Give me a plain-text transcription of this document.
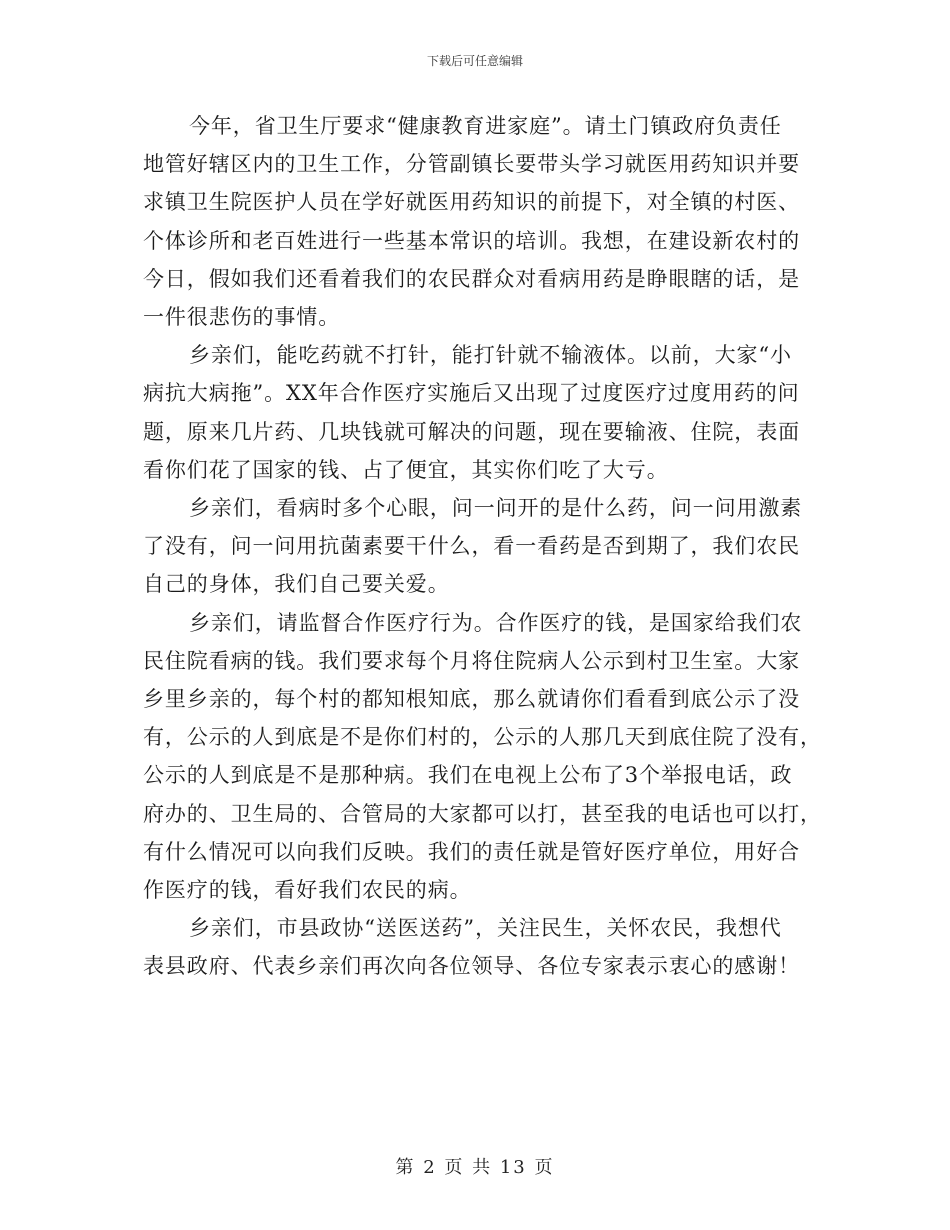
下载后可任意编辑
今年，省卫生厅要求“健康教育进家庭”。请土门镇政府负责任
地管好辖区内的卫生工作，分管副镇长要带头学习就医用药知识并要
求镇卫生院医护人员在学好就医用药知识的前提下，对全镇的村医、
个体诊所和老百姓进行一些基本常识的培训。我想，在建设新农村的
今日，假如我们还看着我们的农民群众对看病用药是睁眼瞎的话，是
一件很悲伤的事情。
乡亲们，能吃药就不打针，能打针就不输液体。以前，大家“小
病抗大病拖”。XX年合作医疗实施后又出现了过度医疗过度用药的问
题，原来几片药、几块钱就可解决的问题，现在要输液、住院，表面
看你们花了国家的钱、占了便宜，其实你们吃了大亏。
乡亲们，看病时多个心眼，问一问开的是什么药，问一问用激素
了没有，问一问用抗菌素要干什么，看一看药是否到期了，我们农民
自己的身体，我们自己要关爱。
乡亲们，请监督合作医疗行为。合作医疗的钱，是国家给我们农
民住院看病的钱。我们要求每个月将住院病人公示到村卫生室。大家
乡里乡亲的，每个村的都知根知底，那么就请你们看看到底公示了没
有，公示的人到底是不是你们村的，公示的人那几天到底住院了没有，
公示的人到底是不是那种病。我们在电视上公布了3个举报电话，政
府办的、卫生局的、合管局的大家都可以打，甚至我的电话也可以打，
有什么情况可以向我们反映。我们的责任就是管好医疗单位，用好合
作医疗的钱，看好我们农民的病。
乡亲们，市县政协“送医送药”，关注民生，关怀农民，我想代
表县政府、代表乡亲们再次向各位领导、各位专家表示衷心的感谢！
第 2 页 共 13 页
